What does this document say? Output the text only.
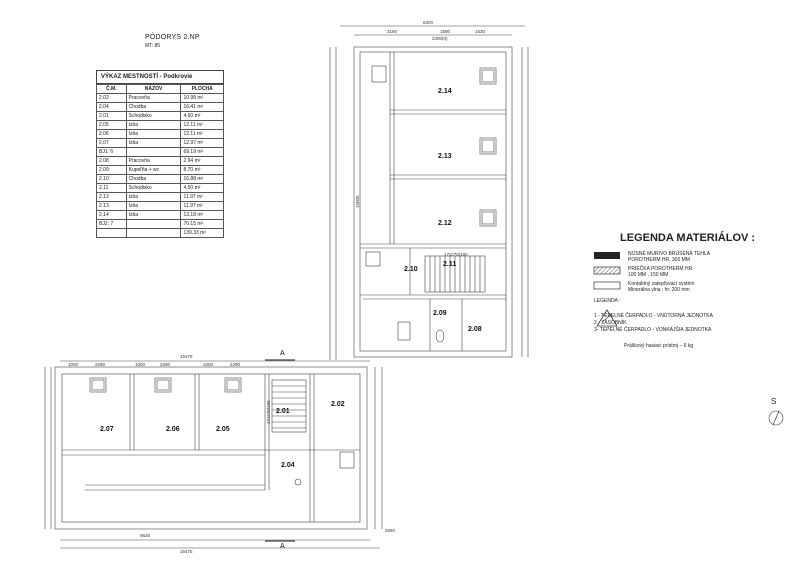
PÔDORYS 2.NP
MT: 85
VÝKAZ MESTNOSTÍ - Podkrovie
Č.M.	NÁZOV	PLOCHA
2.02	Pracovňa	10.98 m²
2.04	Chodba	16.41 m²
2.01	Schodisko	4.60 m²
2.05	Izba	12.11 m²
2.06	Izba	12.11 m²
2.07	Izba	12.97 m²
BJ1: 6		69.19 m²
2.08	Pracovňa	2.94 m²
2.09	Kupeľňa + wc	8.70 m²
2.10	Chodba	16.88 m²
2.11	Schodisko	4.50 m²
2.12	Izba	11.97 m²
2.13	Izba	11.97 m²
2.14	Izba	13.18 m²
BJ2: 7		70.15 m²
		139.33 m²
2.14
2.13
2.12
2.10
2.11
2.09
2.08
2.07	2.06	2.05
2.01
2.02
2.04
6300
3180	1590	1530
2300(0)
15475
15475
1000	2290	1000	2290	1000	2290
9625
2650
17x270/180
17x270/180
15000
A
A
LEGENDA MATERIÁLOV :
NOSNÉ MURIVO BRÚSENÁ TEHLA
POROTHERM HR. 300 MM
PRIEČKA POROTHERM HR.
100 MM , 150 MM
Kontaktný zatepľovací systém
Minerálna vlna ; hr. 200 mm
LEGENDA :
1 - TEPELNÉ ČERPADLO - VNÚTORNÁ JEDNOTKA
2 - ZÁSOBNÍK
3- TEPELNÉ ČERPADLO - VONKAJŠIA JEDNOTKA
Práškový hasiaci prístroj – 6 kg
S
